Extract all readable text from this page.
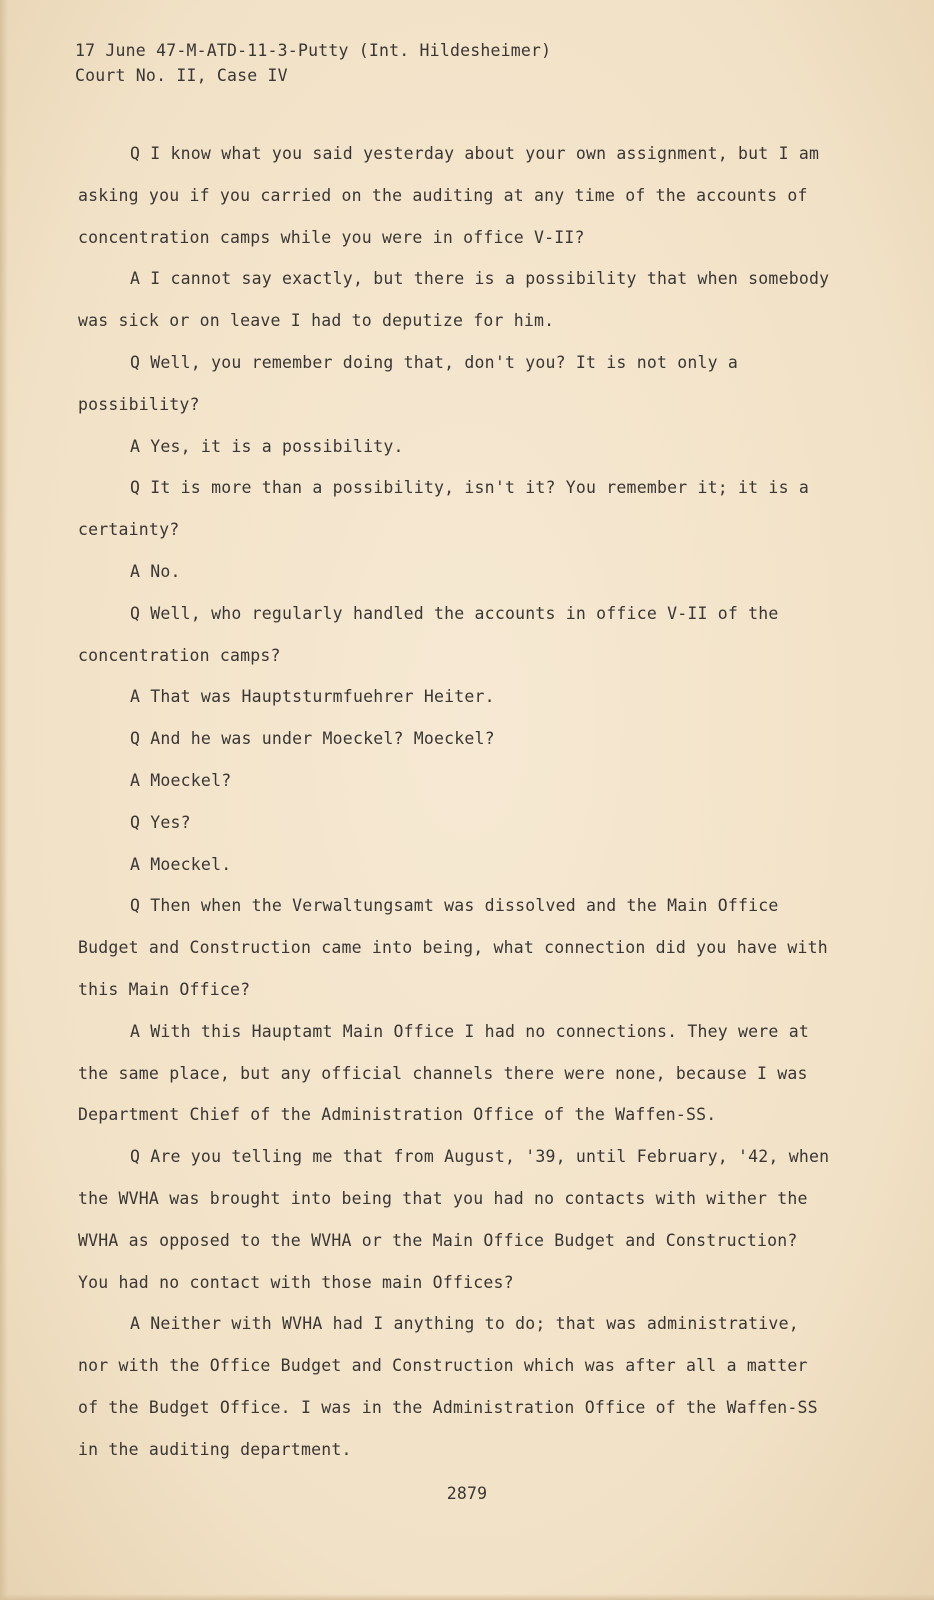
17 June 47-M-ATD-11-3-Putty (Int. Hildesheimer)
Court No. II, Case IV

Q I know what you said yesterday about your own assignment, but I am asking you if you carried on the auditing at any time of the accounts of concentration camps while you were in office V-II?

A I cannot say exactly, but there is a possibility that when somebody was sick or on leave I had to deputize for him.

Q Well, you remember doing that, don't you? It is not only a possibility?

A Yes, it is a possibility.

Q It is more than a possibility, isn't it? You remember it; it is a certainty?

A No.

Q Well, who regularly handled the accounts in office V-II of the concentration camps?

A That was Hauptsturmfuehrer Heiter.

Q And he was under Moeckel? Moeckel?

A Moeckel?

Q Yes?

A Moeckel.

Q Then when the Verwaltungsamt was dissolved and the Main Office Budget and Construction came into being, what connection did you have with this Main Office?

A With this Hauptamt Main Office I had no connections. They were at the same place, but any official channels there were none, because I was Department Chief of the Administration Office of the Waffen-SS.

Q Are you telling me that from August, '39, until February, '42, when the WVHA was brought into being that you had no contacts with wither the WVHA as opposed to the WVHA or the Main Office Budget and Construction? You had no contact with those main Offices?

A Neither with WVHA had I anything to do; that was administrative, nor with the Office Budget and Construction which was after all a matter of the Budget Office. I was in the Administration Office of the Waffen-SS in the auditing department.

2879
